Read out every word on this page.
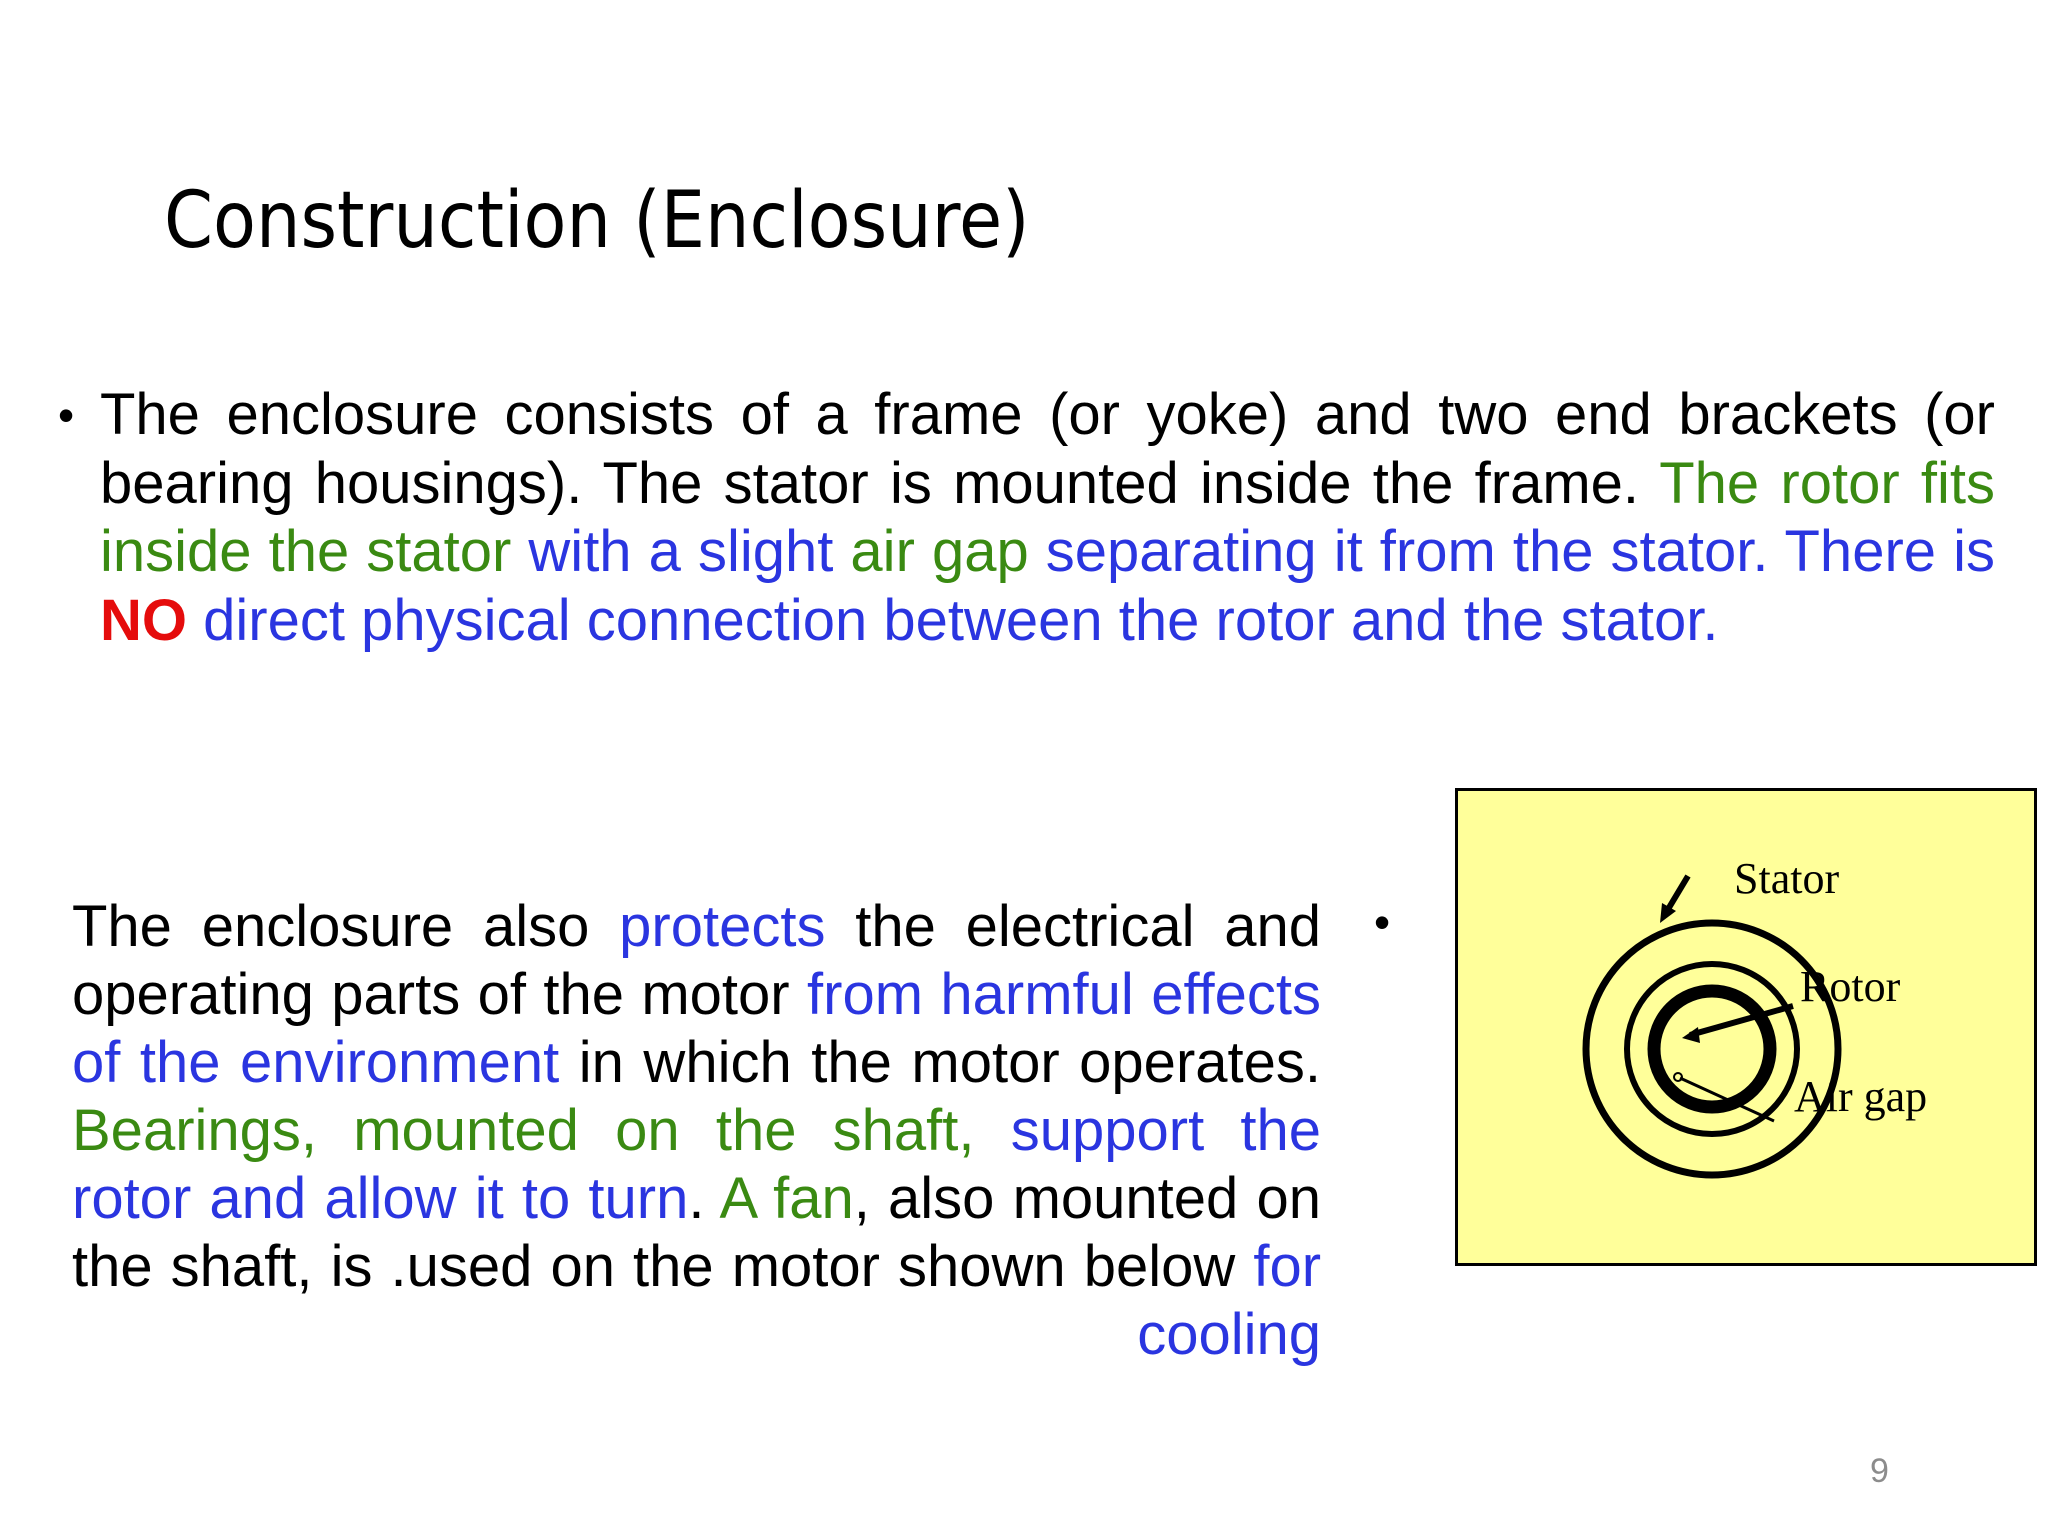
Construction (Enclosure)
• The enclosure consists of a frame (or yoke) and two end brackets (or bearing housings). The stator is mounted inside the frame. The rotor fits inside the stator with a slight air gap separating it from the stator. There is NO direct physical connection between the rotor and the stator.
The enclosure also protects the electrical and operating parts of the motor from harmful effects of the environment in which the motor operates. Bearings, mounted on the shaft, support the rotor and allow it to turn. A fan, also mounted on the shaft, is .used on the motor shown below for cooling
•
Stator
Rotor
Air gap
9
